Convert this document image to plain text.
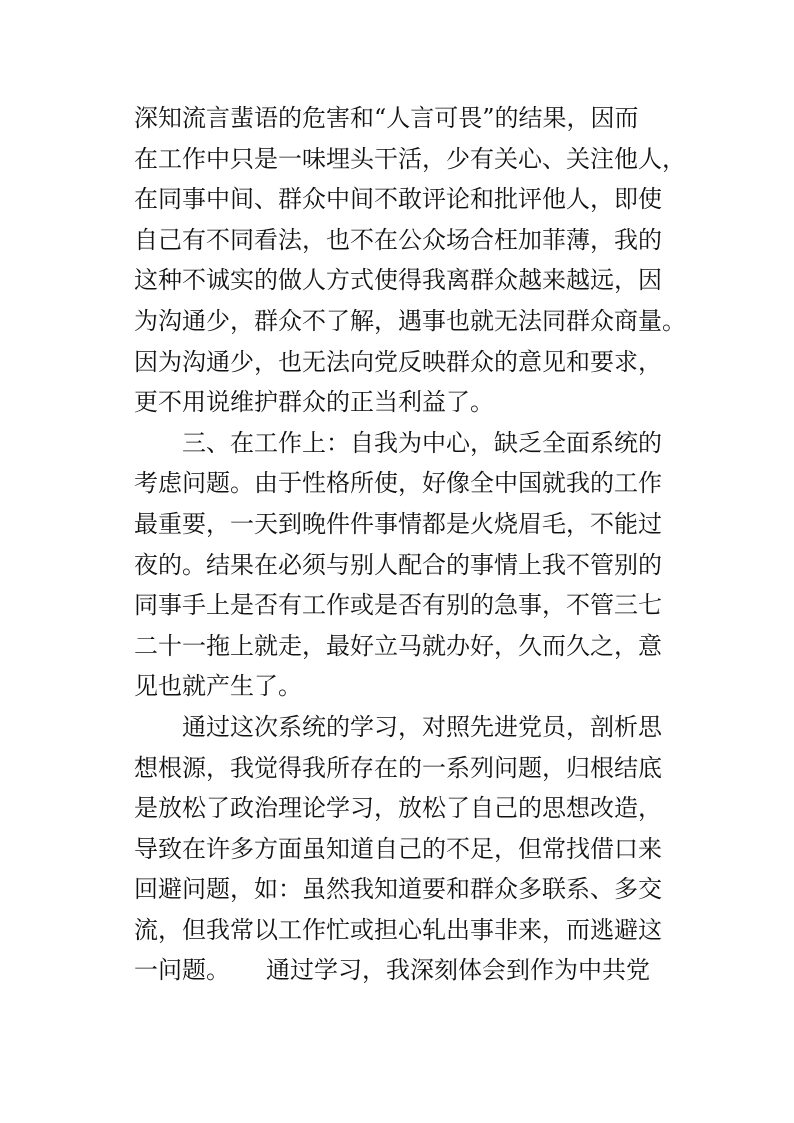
深知流言蜚语的危害和“人言可畏”的结果，因而
在工作中只是一味埋头干活，少有关心、关注他人，
在同事中间、群众中间不敢评论和批评他人，即使
自己有不同看法，也不在公众场合枉加菲薄，我的
这种不诚实的做人方式使得我离群众越来越远，因
为沟通少，群众不了解，遇事也就无法同群众商量。
因为沟通少，也无法向党反映群众的意见和要求，
更不用说维护群众的正当利益了。
　　三、在工作上：自我为中心，缺乏全面系统的
考虑问题。由于性格所使，好像全中国就我的工作
最重要，一天到晚件件事情都是火烧眉毛，不能过
夜的。结果在必须与别人配合的事情上我不管别的
同事手上是否有工作或是否有别的急事，不管三七
二十一拖上就走，最好立马就办好，久而久之，意
见也就产生了。
　　通过这次系统的学习，对照先进党员，剖析思
想根源，我觉得我所存在的一系列问题，归根结底
是放松了政治理论学习，放松了自己的思想改造，
导致在许多方面虽知道自己的不足，但常找借口来
回避问题，如：虽然我知道要和群众多联系、多交
流，但我常以工作忙或担心轧出事非来，而逃避这
一问题。　　通过学习，我深刻体会到作为中共党
